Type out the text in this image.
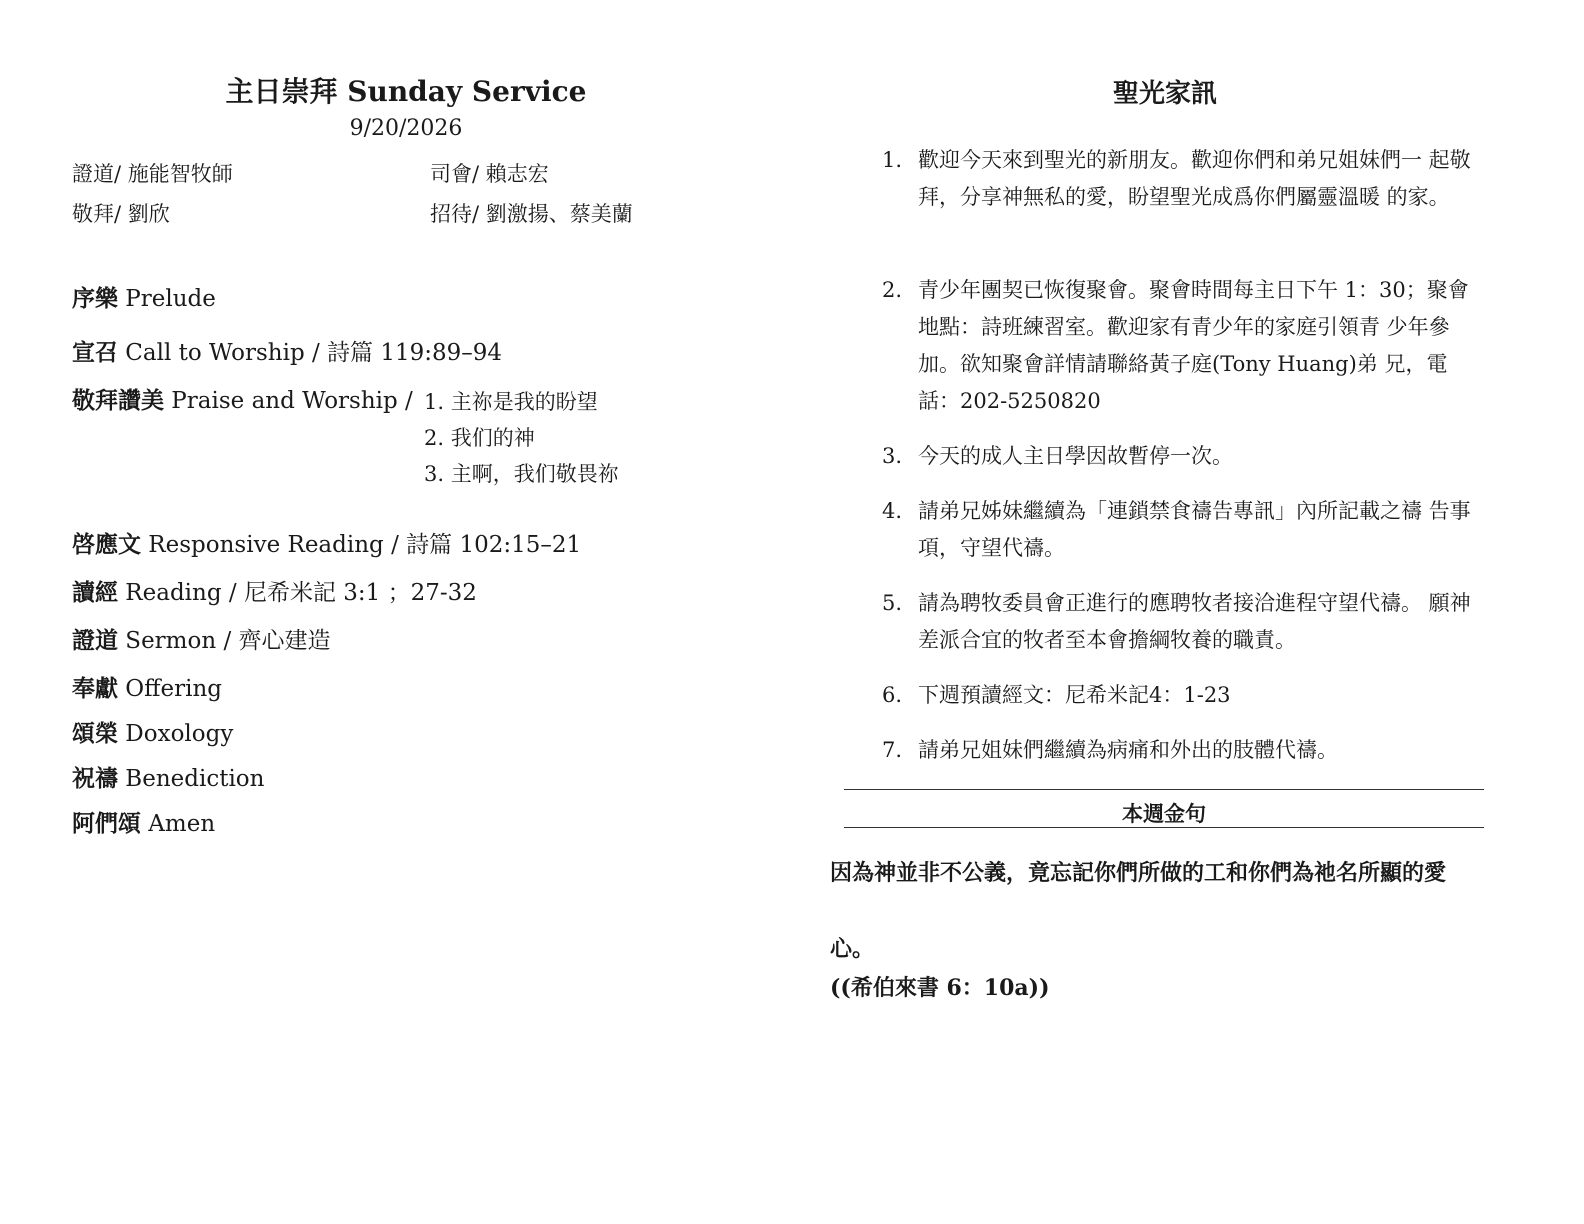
主日崇拜 Sunday Service
9/20/2026
證道/ 施能智牧師	司會/ 賴志宏
敬拜/ 劉欣	招待/ 劉激揚、蔡美蘭
序樂 Prelude
宣召 Call to Worship / 詩篇 119:89–94
敬拜讚美 Praise and Worship / 1. 主祢是我的盼望
2. 我们的神
3. 主啊，我们敬畏祢
啓應文 Responsive Reading / 詩篇 102:15–21
讀經 Reading / 尼希米記 3:1 ；27-32
證道 Sermon / 齊心建造
奉獻 Offering
頌榮 Doxology
祝禱 Benediction
阿們頌 Amen
聖光家訊
1. 歡迎今天來到聖光的新朋友。歡迎你們和弟兄姐妹們一 起敬拜，分享神無私的愛，盼望聖光成爲你們屬靈溫暖 的家。
2. 青少年團契已恢復聚會。聚會時間每主日下午 1：30；聚會地點：詩班練習室。歡迎家有青少年的家庭引領青 少年參加。欲知聚會詳情請聯絡黃子庭(Tony Huang)弟 兄，電話：202-5250820
3. 今天的成人主日學因故暫停一次。
4. 請弟兄姊妹繼續為「連鎖禁食禱告專訊」內所記載之禱 告事項，守望代禱。
5. 請為聘牧委員會正進行的應聘牧者接洽進程守望代禱。 願神差派合宜的牧者至本會擔綱牧養的職責。
6. 下週預讀經文：尼希米記4：1-23
7. 請弟兄姐妹們繼續為病痛和外出的肢體代禱。
本週金句
因為神並非不公義，竟忘記你們所做的工和你們為祂名所顯的愛
心。
((希伯來書 6：10a))
